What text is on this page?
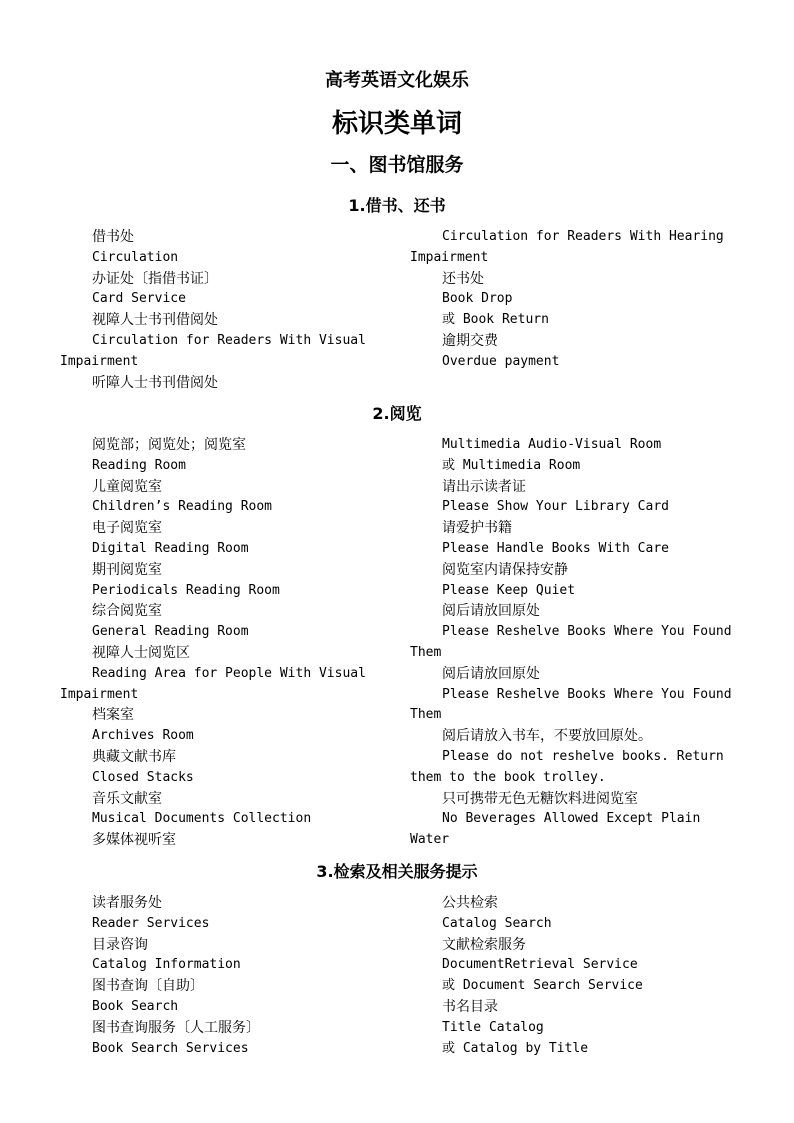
高考英语文化娱乐
标识类单词
一、图书馆服务
1.借书、还书
借书处
Circulation
办证处〔指借书证〕
Card Service
视障人士书刊借阅处
Circulation for Readers With Visual
Impairment
听障人士书刊借阅处
Circulation for Readers With Hearing
Impairment
还书处
Book Drop
或 Book Return
逾期交费
Overdue payment
2.阅览
阅览部；阅览处；阅览室
Reading Room
儿童阅览室
Children’s Reading Room
电子阅览室
Digital Reading Room
期刊阅览室
Periodicals Reading Room
综合阅览室
General Reading Room
视障人士阅览区
Reading Area for People With Visual
Impairment
档案室
Archives Room
典藏文献书库
Closed Stacks
音乐文献室
Musical Documents Collection
多媒体视听室
Multimedia Audio-Visual Room
或 Multimedia Room
请出示读者证
Please Show Your Library Card
请爱护书籍
Please Handle Books With Care
阅览室内请保持安静
Please Keep Quiet
阅后请放回原处
Please Reshelve Books Where You Found
Them
阅后请放回原处
Please Reshelve Books Where You Found
Them
阅后请放入书车，不要放回原处。
Please do not reshelve books. Return
them to the book trolley.
只可携带无色无糖饮料进阅览室
No Beverages Allowed Except Plain
Water
3.检索及相关服务提示
读者服务处
Reader Services
目录咨询
Catalog Information
图书查询〔自助〕
Book Search
图书查询服务〔人工服务〕
Book Search Services
公共检索
Catalog Search
文献检索服务
DocumentRetrieval Service
或 Document Search Service
书名目录
Title Catalog
或 Catalog by Title
